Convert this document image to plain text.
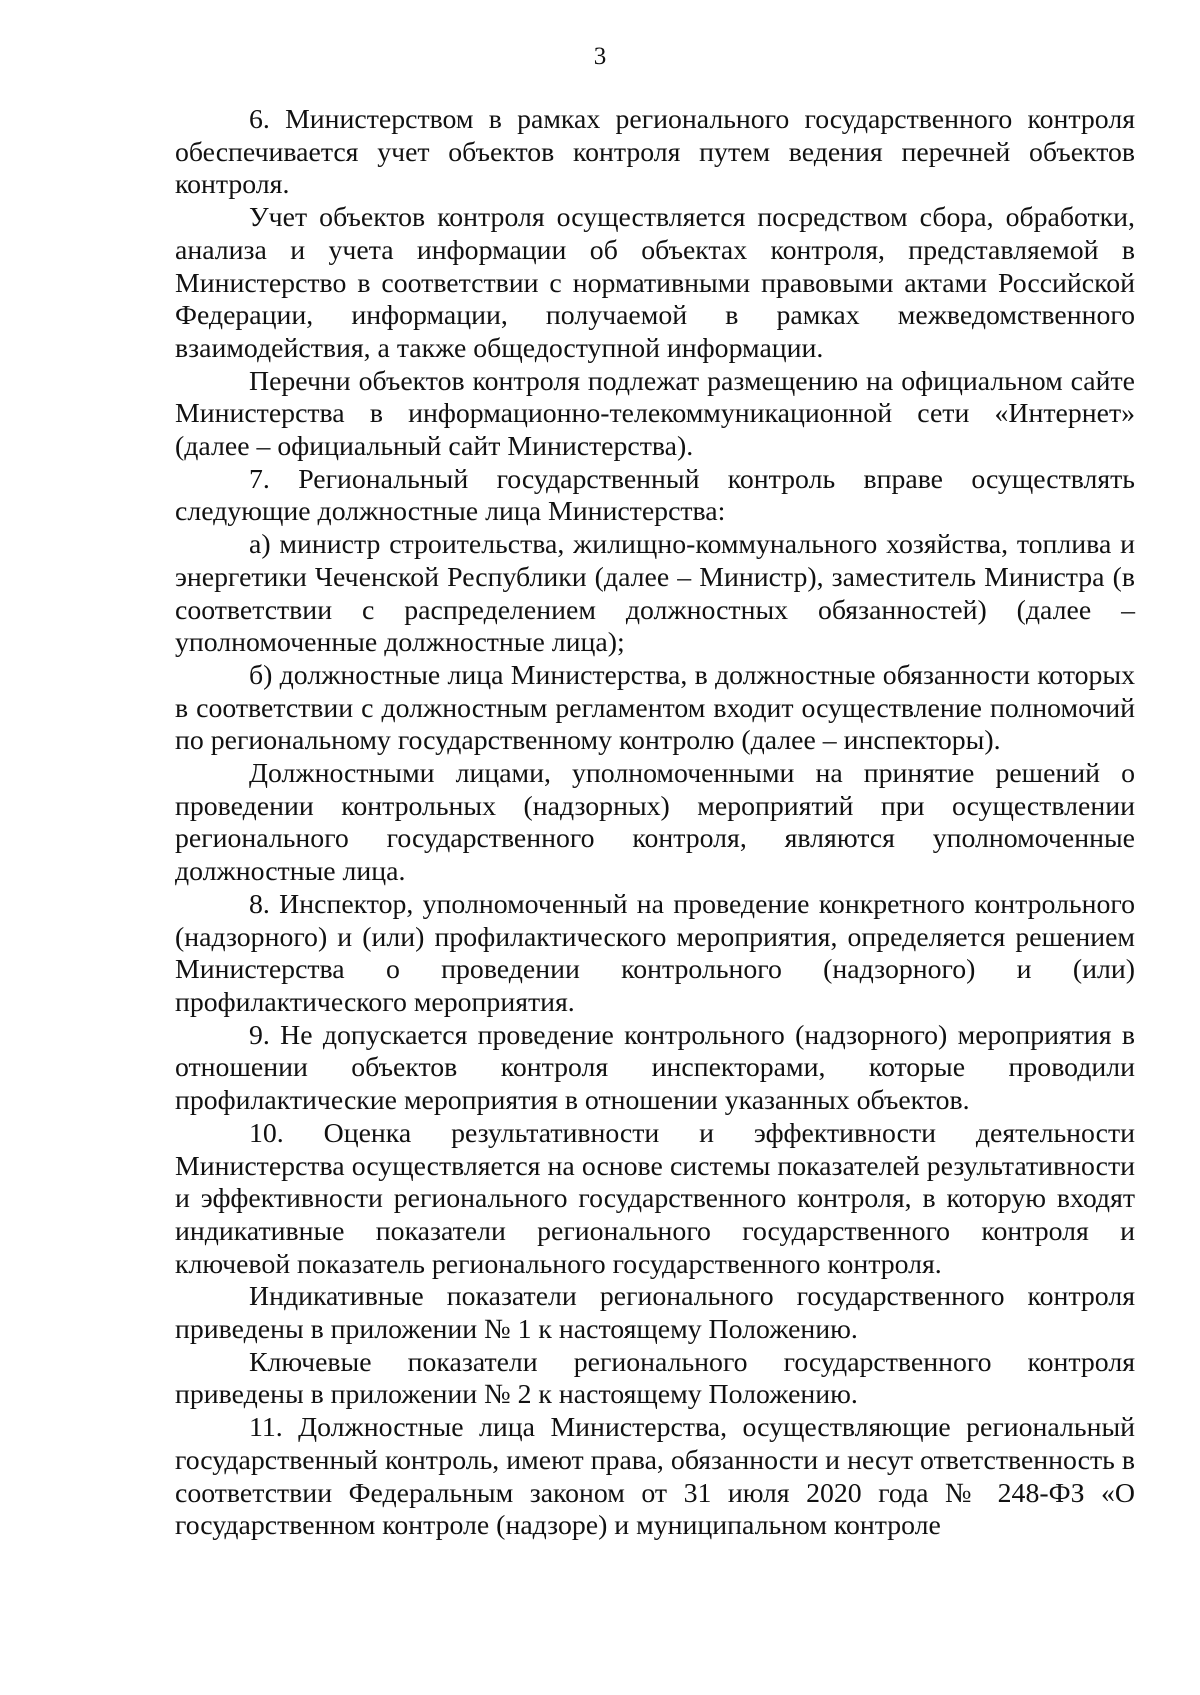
3

6. Министерством в рамках регионального государственного контроля обеспечивается учет объектов контроля путем ведения перечней объектов контроля.

Учет объектов контроля осуществляется посредством сбора, обработки, анализа и учета информации об объектах контроля, представляемой в Министерство в соответствии с нормативными правовыми актами Российской Федерации, информации, получаемой в рамках межведомственного взаимодействия, а также общедоступной информации.

Перечни объектов контроля подлежат размещению на официальном сайте Министерства в информационно-телекоммуникационной сети «Интернет» (далее – официальный сайт Министерства).

7. Региональный государственный контроль вправе осуществлять следующие должностные лица Министерства:

а) министр строительства, жилищно-коммунального хозяйства, топлива и энергетики Чеченской Республики (далее – Министр), заместитель Министра (в соответствии с распределением должностных обязанностей) (далее – уполномоченные должностные лица);

б) должностные лица Министерства, в должностные обязанности которых в соответствии с должностным регламентом входит осуществление полномочий по региональному государственному контролю (далее – инспекторы).

Должностными лицами, уполномоченными на принятие решений о проведении контрольных (надзорных) мероприятий при осуществлении регионального государственного контроля, являются уполномоченные должностные лица.

8. Инспектор, уполномоченный на проведение конкретного контрольного (надзорного) и (или) профилактического мероприятия, определяется решением Министерства о проведении контрольного (надзорного) и (или) профилактического мероприятия.

9. Не допускается проведение контрольного (надзорного) мероприятия в отношении объектов контроля инспекторами, которые проводили профилактические мероприятия в отношении указанных объектов.

10. Оценка результативности и эффективности деятельности Министерства осуществляется на основе системы показателей результативности и эффективности регионального государственного контроля, в которую входят индикативные показатели регионального государственного контроля и ключевой показатель регионального государственного контроля.

Индикативные показатели регионального государственного контроля приведены в приложении № 1 к настоящему Положению.

Ключевые показатели регионального государственного контроля приведены в приложении № 2 к настоящему Положению.

11. Должностные лица Министерства, осуществляющие региональный государственный контроль, имеют права, обязанности и несут ответственность в соответствии Федеральным законом от 31 июля 2020 года № 248-ФЗ «О государственном контроле (надзоре) и муниципальном контроле
